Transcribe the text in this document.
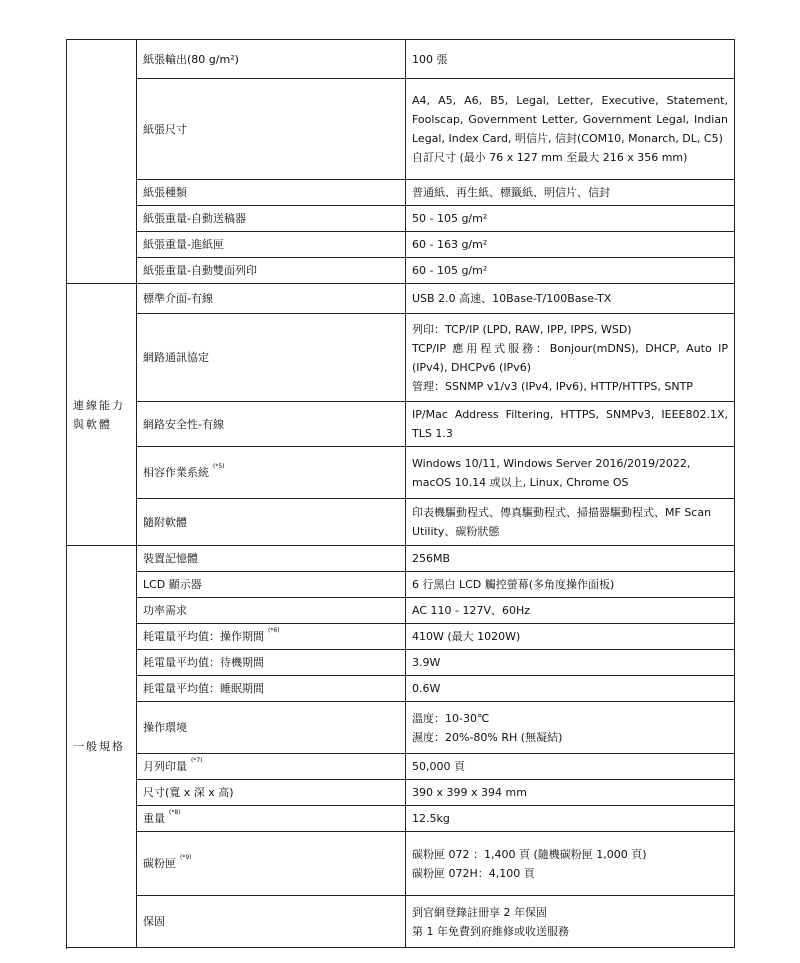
	紙張輸出(80 g/m²)	100 張
	紙張尺寸	A4, A5, A6, B5, Legal, Letter, Executive, Statement, Foolscap, Government Letter, Government Legal, Indian Legal, Index Card, 明信片, 信封(COM10, Monarch, DL, C5)
自訂尺寸 (最小 76 x 127 mm 至最大 216 x 356 mm)

	紙張種類	普通紙、再生紙、標籤紙、明信片、信封
	紙張重量-自動送稿器	50 - 105 g/m²
	紙張重量-進紙匣	60 - 163 g/m²
	紙張重量-自動雙面列印	60 - 105 g/m²

連線能力與軟體	標準介面-有線	USB 2.0 高速、10Base-T/100Base-TX
	網路通訊協定	列印：TCP/IP (LPD, RAW, IPP, IPPS, WSD)
TCP/IP 應用程式服務：Bonjour(mDNS), DHCP, Auto IP (IPv4), DHCPv6 (IPv6)
管理：SSNMP v1/v3 (IPv4, IPv6), HTTP/HTTPS, SNTP

	網路安全性-有線	IP/Mac Address Filtering, HTTPS, SNMPv3, IEEE802.1X, TLS 1.3
	相容作業系統 $^{(*5)}$	Windows 10/11, Windows Server 2016/2019/2022, macOS 10.14 或以上, Linux, Chrome OS
	隨附軟體	印表機驅動程式、傳真驅動程式、掃描器驅動程式、MF Scan Utility、碳粉狀態

一般規格	裝置記憶體	256MB
	LCD 顯示器	6 行黑白 LCD 觸控螢幕(多角度操作面板)
	功率需求	AC 110 - 127V、60Hz
	耗電量平均值：操作期間 $^{(*6)}$	410W (最大 1020W)
	耗電量平均值：待機期間	3.9W
	耗電量平均值：睡眠期間	0.6W
	操作環境	溫度：10-30℃
濕度：20%-80% RH (無凝結)

	月列印量 $^{(*7)}$	50,000 頁
	尺寸(寬 x 深 x 高)	390 x 399 x 394 mm
	重量 $^{(*8)}$	12.5kg
	碳粉匣 $^{(*9)}$	碳粉匣 072 ：1,400 頁 (隨機碳粉匣 1,000 頁)
碳粉匣 072H：4,100 頁

	保固	到官網登錄註冊享 2 年保固
第 1 年免費到府維修或收送服務
